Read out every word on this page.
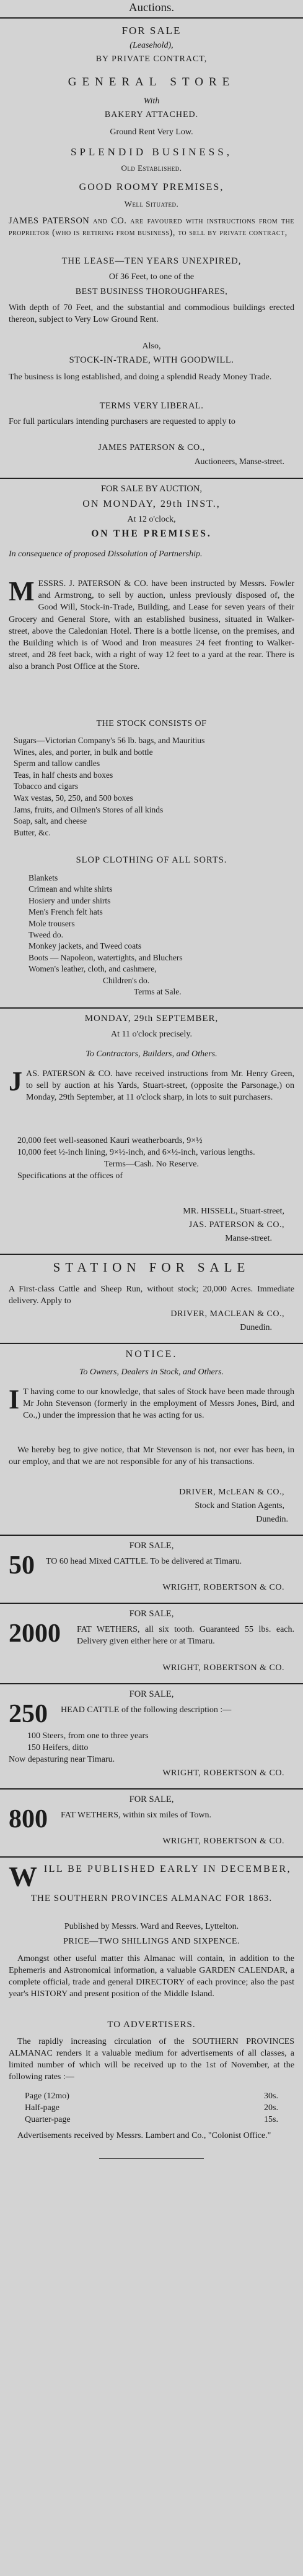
Auctions.
FOR SALE
(Leasehold),
BY PRIVATE CONTRACT,
GENERAL STORE
With
BAKERY ATTACHED.
Ground Rent Very Low.
SPLENDID BUSINESS,
Old Established.
GOOD ROOMY PREMISES,
Well Situated.
JAMES PATERSON and CO. are favoured with instructions from the proprietor (who is retiring from business), to sell by private contract,
THE LEASE—TEN YEARS UNEXPIRED,
Of 36 Feet, to one of the
BEST BUSINESS THOROUGHFARES,
With depth of 70 Feet, and the substantial and commodious buildings erected thereon, subject to Very Low Ground Rent.
Also,
STOCK-IN-TRADE, WITH GOODWILL.
The business is long established, and doing a splendid Ready Money Trade.
TERMS VERY LIBERAL.
For full particulars intending purchasers are requested to apply to
JAMES PATERSON & CO.,
Auctioneers, Manse-street.
FOR SALE BY AUCTION,
ON MONDAY, 29th INST.,
At 12 o'clock,
ON THE PREMISES.
In consequence of proposed Dissolution of Partnership.
MESSRS. J. PATERSON & CO. have been instructed by Messrs. Fowler and Armstrong, to sell by auction, unless previously disposed of, the Good Will, Stock-in-Trade, Building, and Lease for seven years of their Grocery and General Store, with an established business, situated in Walker-street, above the Caledonian Hotel. There is a bottle license, on the premises, and the Building which is of Wood and Iron measures 24 feet fronting to Walker-street, and 28 feet back, with a right of way 12 feet to a yard at the rear. There is also a branch Post Office at the Store.
THE STOCK CONSISTS OF
Sugars—Victorian Company's 56 lb. bags, and Mauritius
Wines, ales, and porter, in bulk and bottle
Sperm and tallow candles
Teas, in half chests and boxes
Tobacco and cigars
Wax vestas, 50, 250, and 500 boxes
Jams, fruits, and Oilmen's Stores of all kinds
Soap, salt, and cheese
Butter, &c.
SLOP CLOTHING OF ALL SORTS.
Blankets
Crimean and white shirts
Hosiery and under shirts
Men's French felt hats
Mole trousers
Tweed do.
Monkey jackets, and Tweed coats
Boots — Napoleon, watertights, and Bluchers
Women's leather, cloth, and cashmere,
Children's do.
Terms at Sale.
MONDAY, 29th SEPTEMBER,
At 11 o'clock precisely.
To Contractors, Builders, and Others.
JAS. PATERSON & CO. have received instructions from Mr. Henry Green, to sell by auction at his Yards, Stuart-street, (opposite the Parsonage,) on Monday, 29th September, at 11 o'clock sharp, in lots to suit purchasers.
20,000 feet well-seasoned Kauri weatherboards, 9×½
10,000 feet ½-inch lining, 9×½-inch, and 6×½-inch, various lengths.
Terms—Cash. No Reserve.
Specifications at the offices of
MR. HISSELL, Stuart-street,
JAS. PATERSON & CO.,
Manse-street.
STATION FOR SALE
A First-class Cattle and Sheep Run, without stock; 20,000 Acres. Immediate delivery. Apply to
DRIVER, MACLEAN & CO.,
Dunedin.
NOTICE.
To Owners, Dealers in Stock, and Others.
I T having come to our knowledge, that sales of Stock have been made through Mr John Stevenson (formerly in the employment of Messrs Jones, Bird, and Co.,) under the impression that he was acting for us.
We hereby beg to give notice, that Mr Stevenson is not, nor ever has been, in our employ, and that we are not responsible for any of his transactions.
DRIVER, McLEAN & CO.,
Stock and Station Agents,
Dunedin.
FOR SALE,
50	TO 60 head Mixed CATTLE. To be delivered at Timaru.
WRIGHT, ROBERTSON & CO.
FOR SALE,
2000	FAT WETHERS, all six tooth. Guaranteed 55 lbs. each. Delivery given either here or at Timaru.
WRIGHT, ROBERTSON & CO.
FOR SALE,
250	HEAD CATTLE of the following description :—
100 Steers, from one to three years
150 Heifers, ditto
Now depasturing near Timaru.
WRIGHT, ROBERTSON & CO.
FOR SALE,
800	FAT WETHERS, within six miles of Town.
WRIGHT, ROBERTSON & CO.
WILL BE PUBLISHED EARLY IN DECEMBER,
THE SOUTHERN PROVINCES ALMANAC FOR 1863.
Published by Messrs. Ward and Reeves, Lyttelton.
PRICE—TWO SHILLINGS AND SIXPENCE.
Amongst other useful matter this Almanac will contain, in addition to the Ephemeris and Astronomical information, a valuable GARDEN CALENDAR, a complete official, trade and general DIRECTORY of each province; also the past year's HISTORY and present position of the Middle Island.
TO ADVERTISERS.
The rapidly increasing circulation of the SOUTHERN PROVINCES ALMANAC renders it a valuable medium for advertisements of all classes, a limited number of which will be received up to the 1st of November, at the following rates :—
Page (12mo)	30s.
Half-page	20s.
Quarter-page	15s.
Advertisements received by Messrs. Lambert and Co., "Colonist Office."
